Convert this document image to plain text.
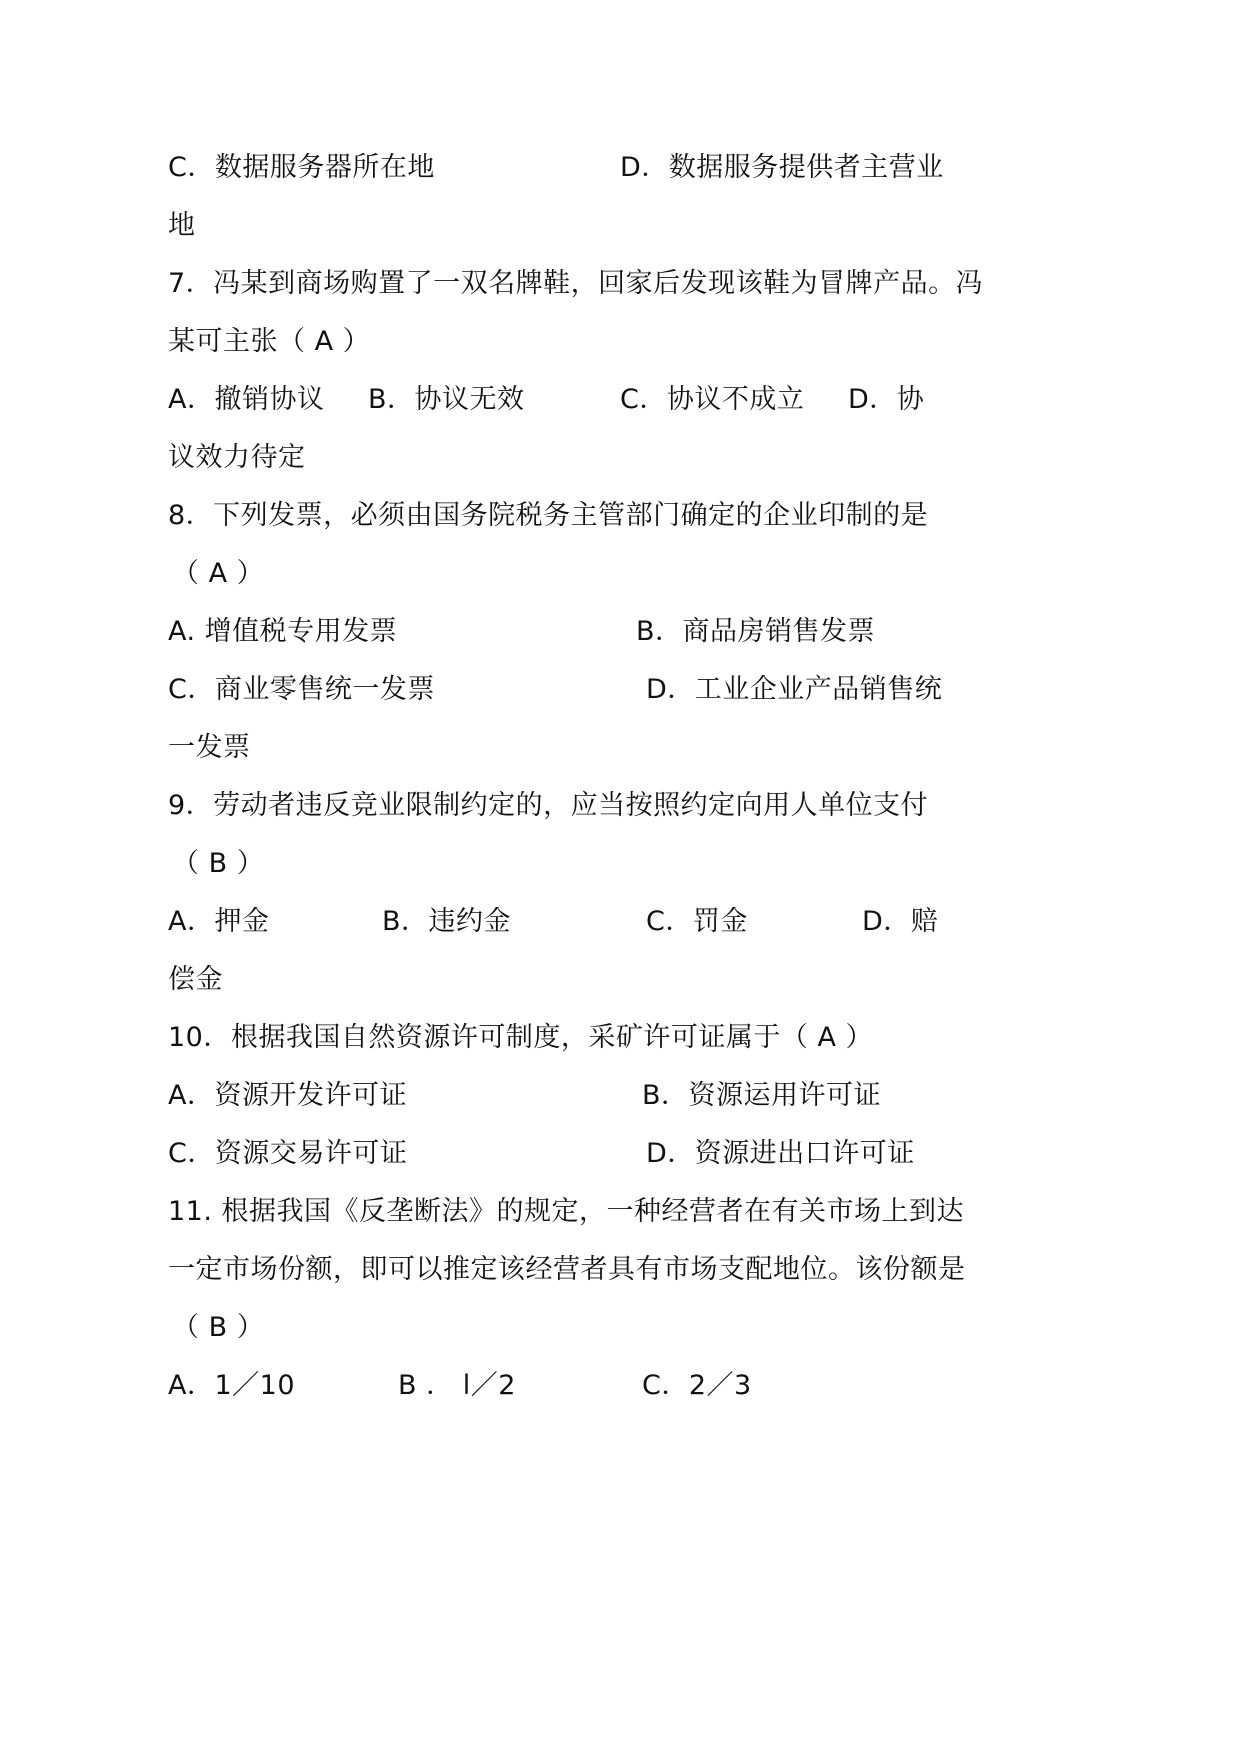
C．数据服务器所在地	D．数据服务提供者主营业
地
7．冯某到商场购置了一双名牌鞋，回家后发现该鞋为冒牌产品。冯
某可主张（ A ）
A．撤销协议 B．协议无效	C．协议不成立 D．协
议效力待定
8．下列发票，必须由国务院税务主管部门确定的企业印制的是
（ A ）
A. 增值税专用发票	B．商品房销售发票
C．商业零售统一发票	D．工业企业产品销售统
一发票
9．劳动者违反竞业限制约定的，应当按照约定向用人单位支付
（ B ）
A．押金	B．违约金	C．罚金	D．赔
偿金
10．根据我国自然资源许可制度，采矿许可证属于（ A ）
A．资源开发许可证	B．资源运用许可证
C．资源交易许可证	D．资源进出口许可证
11. 根据我国《反垄断法》的规定，一种经营者在有关市场上到达
一定市场份额，即可以推定该经营者具有市场支配地位。该份额是
（ B ）
A．1／10	B ． l／2	C．2／3
